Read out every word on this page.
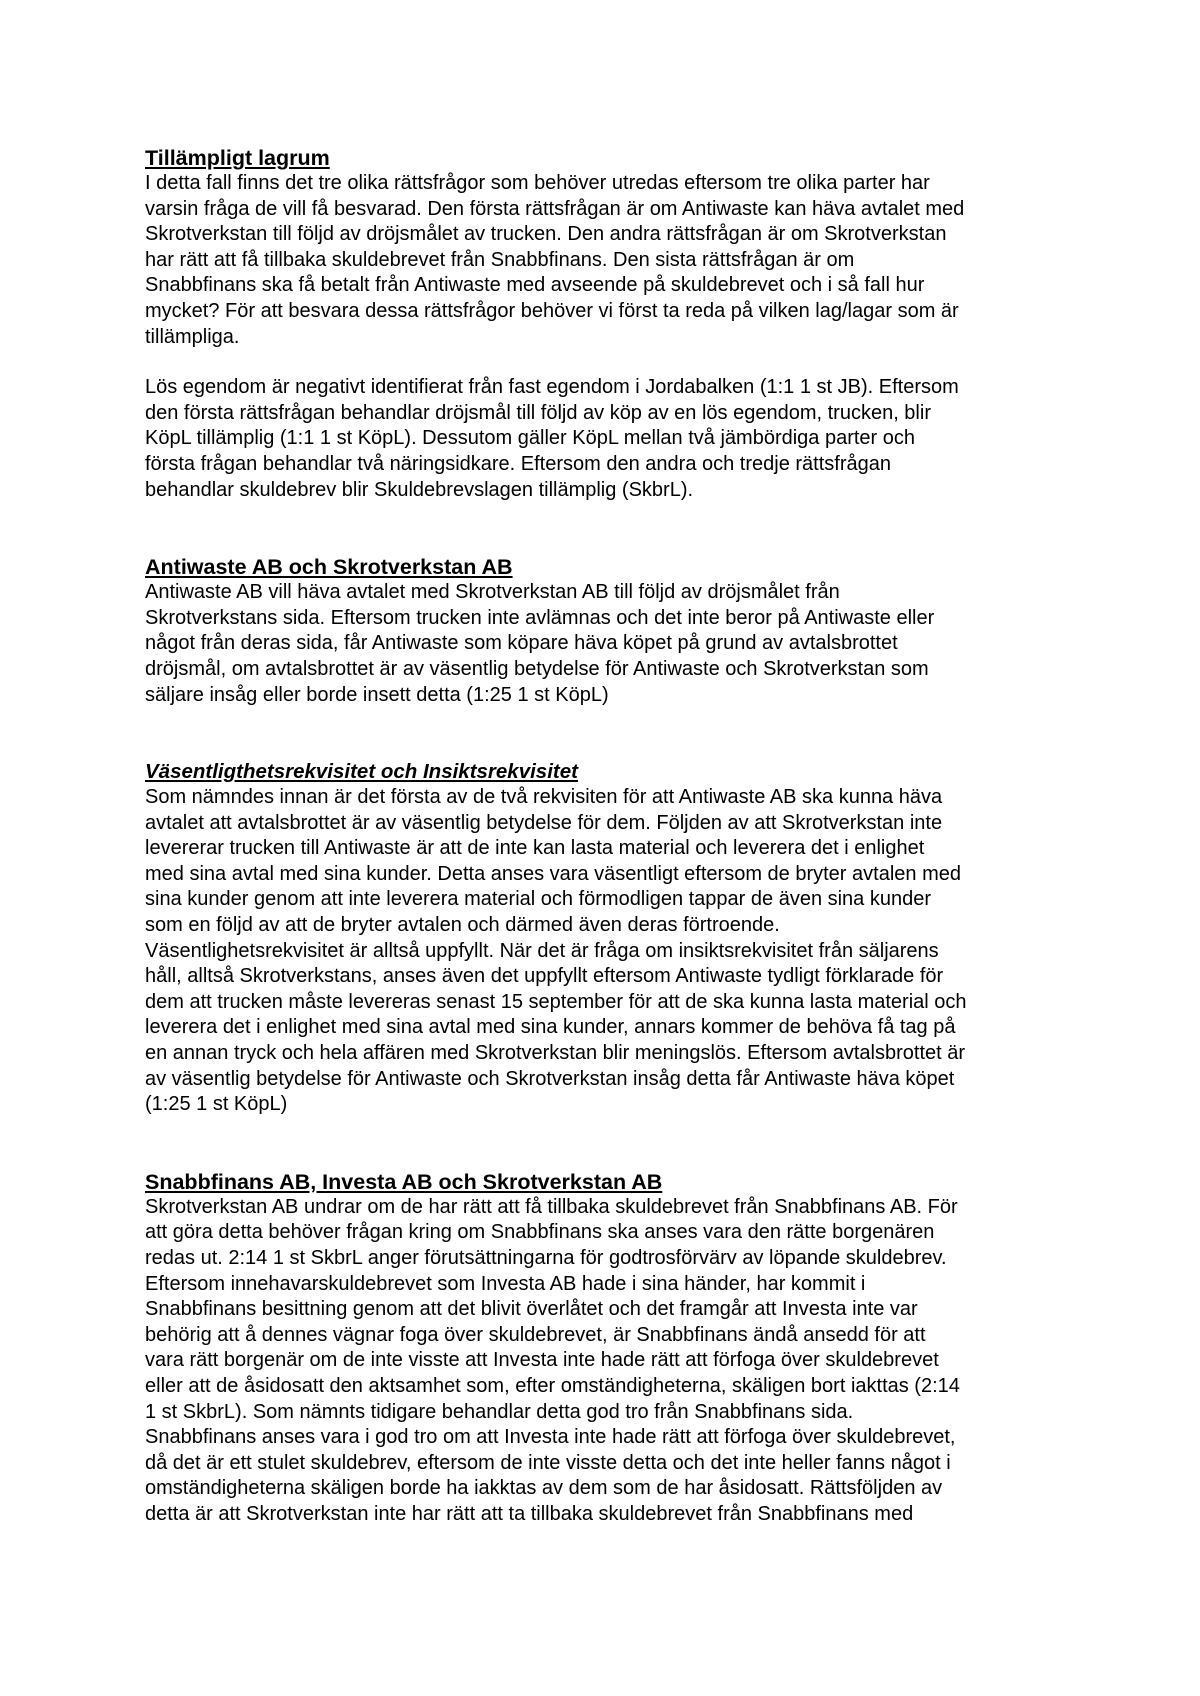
Tillämpligt lagrum

I detta fall finns det tre olika rättsfrågor som behöver utredas eftersom tre olika parter har
varsin fråga de vill få besvarad. Den första rättsfrågan är om Antiwaste kan häva avtalet med
Skrotverkstan till följd av dröjsmålet av trucken. Den andra rättsfrågan är om Skrotverkstan
har rätt att få tillbaka skuldebrevet från Snabbfinans. Den sista rättsfrågan är om
Snabbfinans ska få betalt från Antiwaste med avseende på skuldebrevet och i så fall hur
mycket? För att besvara dessa rättsfrågor behöver vi först ta reda på vilken lag/lagar som är
tillämpliga.

Lös egendom är negativt identifierat från fast egendom i Jordabalken (1:1 1 st JB). Eftersom
den första rättsfrågan behandlar dröjsmål till följd av köp av en lös egendom, trucken, blir
KöpL tillämplig (1:1 1 st KöpL). Dessutom gäller KöpL mellan två jämbördiga parter och
första frågan behandlar två näringsidkare. Eftersom den andra och tredje rättsfrågan
behandlar skuldebrev blir Skuldebrevslagen tillämplig (SkbrL).

Antiwaste AB och Skrotverkstan AB

Antiwaste AB vill häva avtalet med Skrotverkstan AB till följd av dröjsmålet från
Skrotverkstans sida. Eftersom trucken inte avlämnas och det inte beror på Antiwaste eller
något från deras sida, får Antiwaste som köpare häva köpet på grund av avtalsbrottet
dröjsmål, om avtalsbrottet är av väsentlig betydelse för Antiwaste och Skrotverkstan som
säljare insåg eller borde insett detta (1:25 1 st KöpL)

Väsentligthetsrekvisitet och Insiktsrekvisitet

Som nämndes innan är det första av de två rekvisiten för att Antiwaste AB ska kunna häva
avtalet att avtalsbrottet är av väsentlig betydelse för dem. Följden av att Skrotverkstan inte
levererar trucken till Antiwaste är att de inte kan lasta material och leverera det i enlighet
med sina avtal med sina kunder. Detta anses vara väsentligt eftersom de bryter avtalen med
sina kunder genom att inte leverera material och förmodligen tappar de även sina kunder
som en följd av att de bryter avtalen och därmed även deras förtroende.
Väsentlighetsrekvisitet är alltså uppfyllt. När det är fråga om insiktsrekvisitet från säljarens
håll, alltså Skrotverkstans, anses även det uppfyllt eftersom Antiwaste tydligt förklarade för
dem att trucken måste levereras senast 15 september för att de ska kunna lasta material och
leverera det i enlighet med sina avtal med sina kunder, annars kommer de behöva få tag på
en annan tryck och hela affären med Skrotverkstan blir meningslös. Eftersom avtalsbrottet är
av väsentlig betydelse för Antiwaste och Skrotverkstan insåg detta får Antiwaste häva köpet
(1:25 1 st KöpL)

Snabbfinans AB, Investa AB och Skrotverkstan AB

Skrotverkstan AB undrar om de har rätt att få tillbaka skuldebrevet från Snabbfinans AB. För
att göra detta behöver frågan kring om Snabbfinans ska anses vara den rätte borgenären
redas ut. 2:14 1 st SkbrL anger förutsättningarna för godtrosförvärv av löpande skuldebrev.
Eftersom innehavarskuldebrevet som Investa AB hade i sina händer, har kommit i
Snabbfinans besittning genom att det blivit överlåtet och det framgår att Investa inte var
behörig att å dennes vägnar foga över skuldebrevet, är Snabbfinans ändå ansedd för att
vara rätt borgenär om de inte visste att Investa inte hade rätt att förfoga över skuldebrevet
eller att de åsidosatt den aktsamhet som, efter omständigheterna, skäligen bort iakttas (2:14
1 st SkbrL). Som nämnts tidigare behandlar detta god tro från Snabbfinans sida.
Snabbfinans anses vara i god tro om att Investa inte hade rätt att förfoga över skuldebrevet,
då det är ett stulet skuldebrev, eftersom de inte visste detta och det inte heller fanns något i
omständigheterna skäligen borde ha iakktas av dem som de har åsidosatt. Rättsföljden av
detta är att Skrotverkstan inte har rätt att ta tillbaka skuldebrevet från Snabbfinans med
